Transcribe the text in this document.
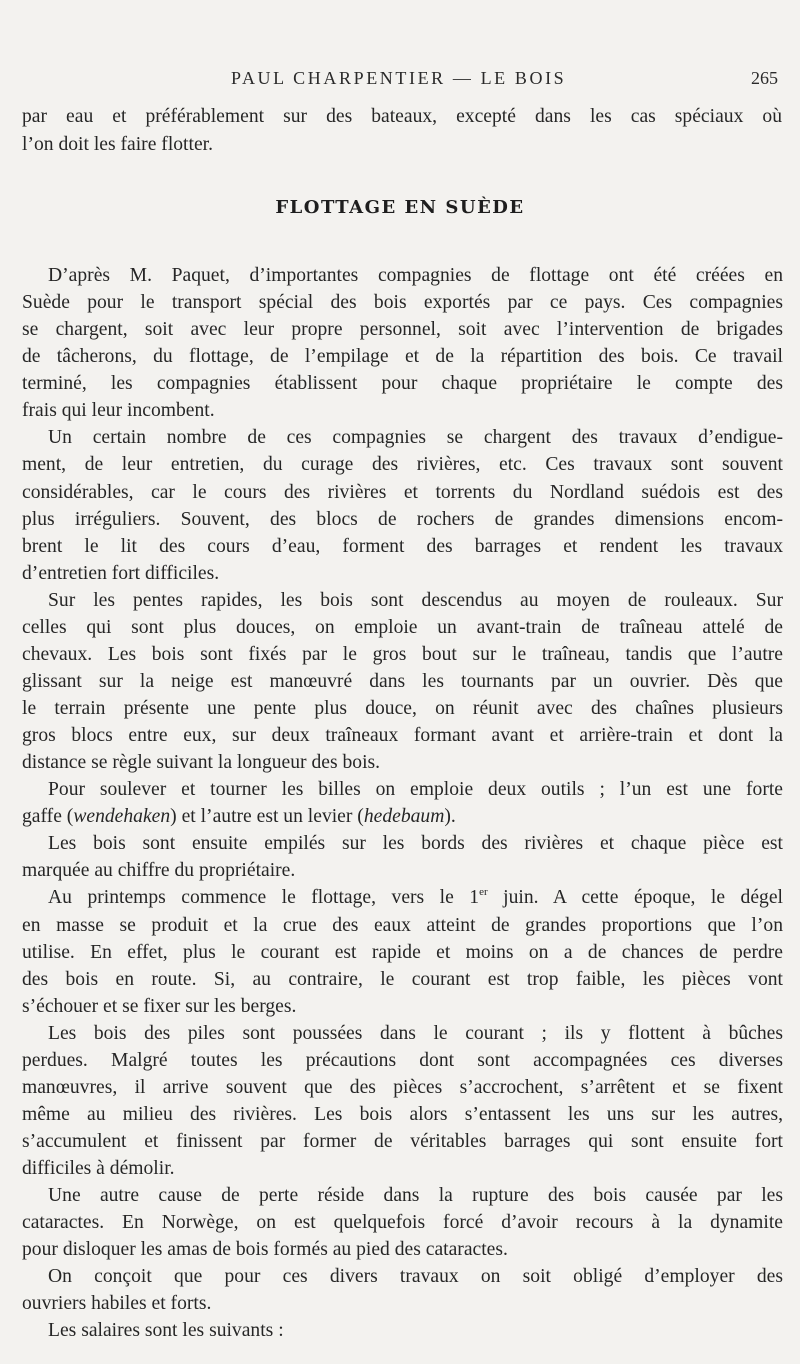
PAUL CHARPENTIER — LE BOIS	265
par eau et préférablement sur des bateaux, excepté dans les cas spéciaux où
l’on doit les faire flotter.
FLOTTAGE EN SUÈDE
D’après M. Paquet, d’importantes compagnies de flottage ont été créées en
Suède pour le transport spécial des bois exportés par ce pays. Ces compagnies
se chargent, soit avec leur propre personnel, soit avec l’intervention de brigades
de tâcherons, du flottage, de l’empilage et de la répartition des bois. Ce travail
terminé, les compagnies établissent pour chaque propriétaire le compte des
frais qui leur incombent.
Un certain nombre de ces compagnies se chargent des travaux d’endigue-
ment, de leur entretien, du curage des rivières, etc. Ces travaux sont souvent
considérables, car le cours des rivières et torrents du Nordland suédois est des
plus irréguliers. Souvent, des blocs de rochers de grandes dimensions encom-
brent le lit des cours d’eau, forment des barrages et rendent les travaux
d’entretien fort difficiles.
Sur les pentes rapides, les bois sont descendus au moyen de rouleaux. Sur
celles qui sont plus douces, on emploie un avant-train de traîneau attelé de
chevaux. Les bois sont fixés par le gros bout sur le traîneau, tandis que l’autre
glissant sur la neige est manœuvré dans les tournants par un ouvrier. Dès que
le terrain présente une pente plus douce, on réunit avec des chaînes plusieurs
gros blocs entre eux, sur deux traîneaux formant avant et arrière-train et dont la
distance se règle suivant la longueur des bois.
Pour soulever et tourner les billes on emploie deux outils ; l’un est une forte
gaffe (wendehaken) et l’autre est un levier (hedebaum).
Les bois sont ensuite empilés sur les bords des rivières et chaque pièce est
marquée au chiffre du propriétaire.
Au printemps commence le flottage, vers le 1er juin. A cette époque, le dégel
en masse se produit et la crue des eaux atteint de grandes proportions que l’on
utilise. En effet, plus le courant est rapide et moins on a de chances de perdre
des bois en route. Si, au contraire, le courant est trop faible, les pièces vont
s’échouer et se fixer sur les berges.
Les bois des piles sont poussées dans le courant ; ils y flottent à bûches
perdues. Malgré toutes les précautions dont sont accompagnées ces diverses
manœuvres, il arrive souvent que des pièces s’accrochent, s’arrêtent et se fixent
même au milieu des rivières. Les bois alors s’entassent les uns sur les autres,
s’accumulent et finissent par former de véritables barrages qui sont ensuite fort
difficiles à démolir.
Une autre cause de perte réside dans la rupture des bois causée par les
cataractes. En Norwège, on est quelquefois forcé d’avoir recours à la dynamite
pour disloquer les amas de bois formés au pied des cataractes.
On conçoit que pour ces divers travaux on soit obligé d’employer des
ouvriers habiles et forts.
Les salaires sont les suivants :
